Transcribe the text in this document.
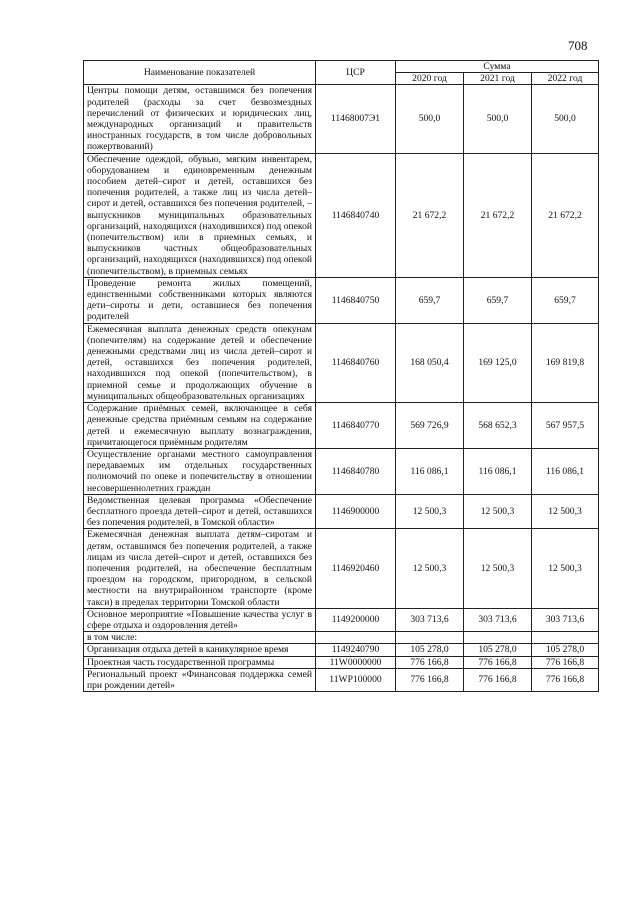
708
Наименование показателей	ЦСР	Сумма		
		2020 год	2021 год	2022 год
Центры помощи детям, оставшимся без попечения родителей (расходы за счет безвозмездных перечислений от физических и юридических лиц, международных организаций и правительств иностранных государств, в том числе добровольных пожертвований)	11468007Э1	500,0	500,0	500,0
Обеспечение одеждой, обувью, мягким инвентарем, оборудованием и единовременным денежным пособием детей–сирот и детей, оставшихся без попечения родителей, а также лиц из числа детей–сирот и детей, оставшихся без попечения родителей, – выпускников муниципальных образовательных организаций, находящихся (находившихся) под опекой (попечительством) или в приемных семьях, и выпускников частных общеобразовательных организаций, находящихся (находившихся) под опекой (попечительством), в приемных семьях	1146840740	21 672,2	21 672,2	21 672,2
Проведение ремонта жилых помещений, единственными собственниками которых являются дети–сироты и дети, оставшиеся без попечения родителей	1146840750	659,7	659,7	659,7
Ежемесячная выплата денежных средств опекунам (попечителям) на содержание детей и обеспечение денежными средствами лиц из числа детей–сирот и детей, оставшихся без попечения родителей, находившихся под опекой (попечительством), в приемной семье и продолжающих обучение в муниципальных общеобразовательных организациях	1146840760	168 050,4	169 125,0	169 819,8
Содержание приёмных семей, включающее в себя денежные средства приёмным семьям на содержание детей и ежемесячную выплату вознаграждения, причитающегося приёмным родителям	1146840770	569 726,9	568 652,3	567 957,5
Осуществление органами местного самоуправления передаваемых им отдельных государственных полномочий по опеке и попечительству в отношении несовершеннолетних граждан	1146840780	116 086,1	116 086,1	116 086,1
Ведомственная целевая программа «Обеспечение бесплатного проезда детей–сирот и детей, оставшихся без попечения родителей, в Томской области»	1146900000	12 500,3	12 500,3	12 500,3
Ежемесячная денежная выплата детям–сиротам и детям, оставшимся без попечения родителей, а также лицам из числа детей–сирот и детей, оставшихся без попечения родителей, на обеспечение бесплатным проездом на городском, пригородном, в сельской местности на внутрирайонном транспорте (кроме такси) в пределах территории Томской области	1146920460	12 500,3	12 500,3	12 500,3
Основное мероприятие «Повышение качества услуг в сфере отдыха и оздоровления детей»	1149200000	303 713,6	303 713,6	303 713,6
в том числе:				
Организация отдыха детей в каникулярное время	1149240790	105 278,0	105 278,0	105 278,0
Проектная часть государственной программы	11W0000000	776 166,8	776 166,8	776 166,8
Региональный проект «Финансовая поддержка семей при рождении детей»	11WP100000	776 166,8	776 166,8	776 166,8
